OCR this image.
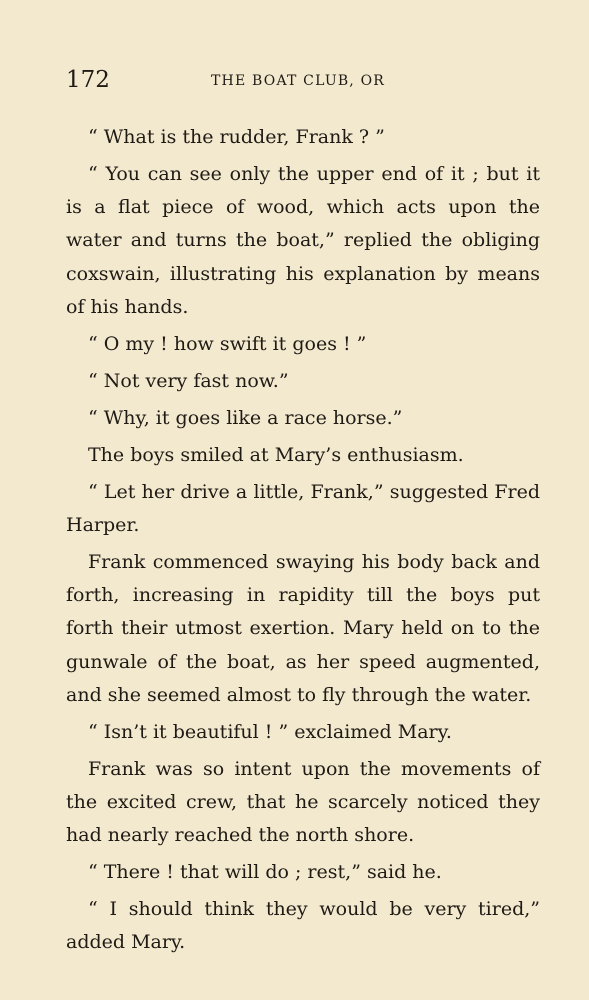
172	THE BOAT CLUB, OR

“ What is the rudder, Frank ? ”

“ You can see only the upper end of it ; but it is a flat piece of wood, which acts upon the water and turns the boat,” replied the obliging coxswain, illustrating his explanation by means of his hands.

“ O my ! how swift it goes ! ”

“ Not very fast now.”

“ Why, it goes like a race horse.”

The boys smiled at Mary’s enthusiasm.

“ Let her drive a little, Frank,” suggested Fred Harper.

Frank commenced swaying his body back and forth, increasing in rapidity till the boys put forth their utmost exertion. Mary held on to the gunwale of the boat, as her speed augmented, and she seemed almost to fly through the water.

“ Isn’t it beautiful ! ” exclaimed Mary.

Frank was so intent upon the movements of the excited crew, that he scarcely noticed they had nearly reached the north shore.

“ There ! that will do ; rest,” said he.

“ I should think they would be very tired,” added Mary.
